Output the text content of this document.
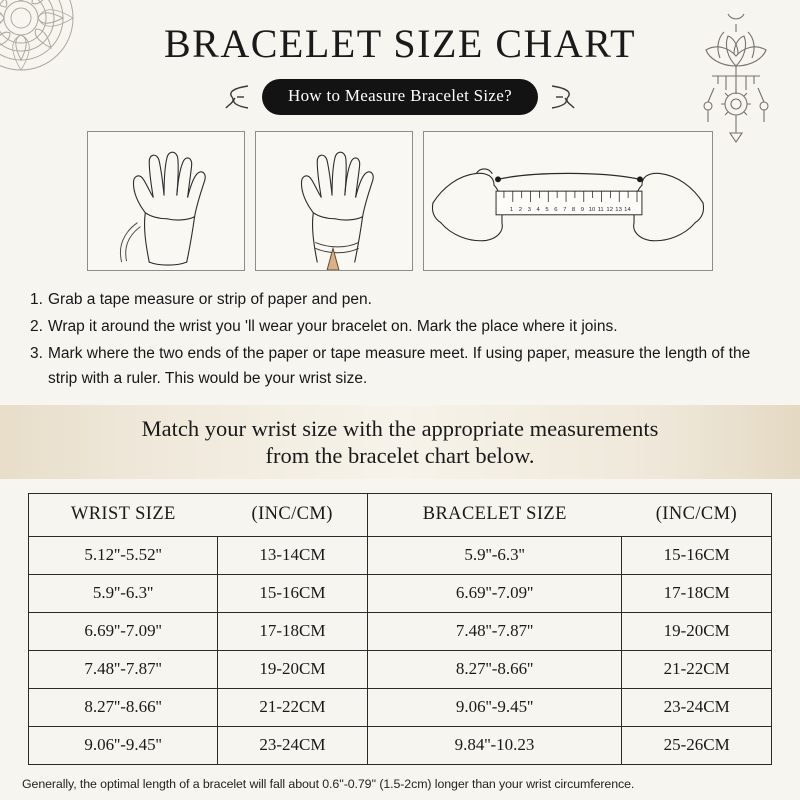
BRACELET SIZE CHART
How to Measure Bracelet Size?
1 2 3 4 5 6 7 8 9 10 11 12 13 14
1. Grab a tape measure or strip of paper and pen.
2. Wrap it around the wrist you 'll wear your bracelet on. Mark the place where it joins.
3. Mark where the two ends of the paper or tape measure meet. If using paper, measure the length of the strip with a ruler. This would be your wrist size.
Match your wrist size with the appropriate measurements
from the bracelet chart below.
WRIST SIZE	(INC/CM)	BRACELET SIZE	(INC/CM)
5.12''-5.52''	13-14CM	5.9''-6.3''	15-16CM
5.9''-6.3''	15-16CM	6.69''-7.09''	17-18CM
6.69''-7.09''	17-18CM	7.48''-7.87''	19-20CM
7.48''-7.87''	19-20CM	8.27''-8.66''	21-22CM
8.27''-8.66''	21-22CM	9.06''-9.45''	23-24CM
9.06''-9.45''	23-24CM	9.84''-10.23	25-26CM
Generally, the optimal length of a bracelet will fall about 0.6''-0.79'' (1.5-2cm) longer than your wrist circumference.
